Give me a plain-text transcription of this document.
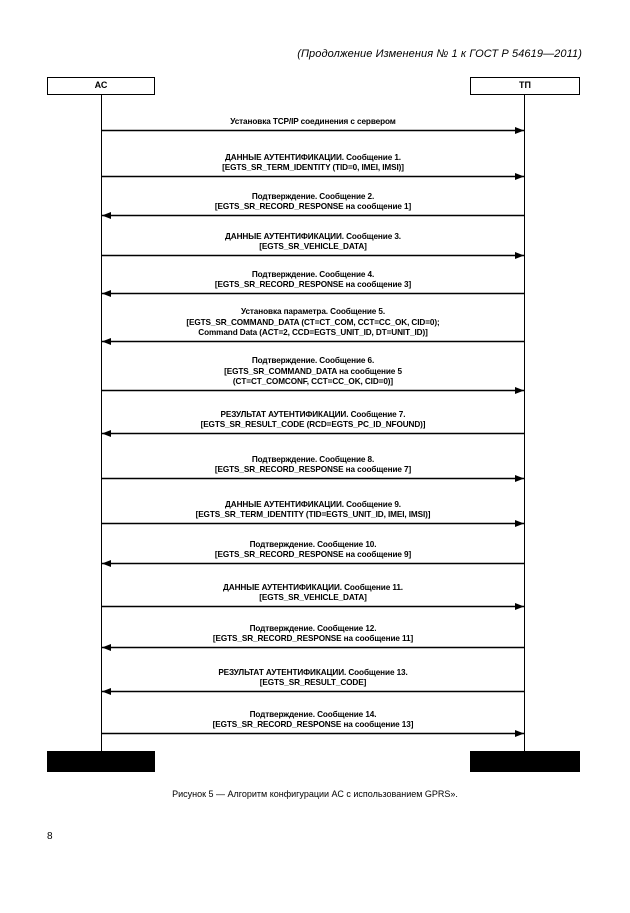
(Продолжение Изменения № 1 к ГОСТ Р 54619—2011)
АС	ТП
Установка TCP/IP соединения с сервером
ДАННЫЕ АУТЕНТИФИКАЦИИ. Сообщение 1.
[EGTS_SR_TERM_IDENTITY (TID=0, IMEI, IMSI)]
Подтверждение. Сообщение 2.
[EGTS_SR_RECORD_RESPONSE на сообщение 1]
ДАННЫЕ АУТЕНТИФИКАЦИИ. Сообщение 3.
[EGTS_SR_VEHICLE_DATA]
Подтверждение. Сообщение 4.
[EGTS_SR_RECORD_RESPONSE на сообщение 3]
Установка параметра. Сообщение 5.
[EGTS_SR_COMMAND_DATA (CT=CT_COM, CCT=CC_OK, CID=0);
Command Data (ACT=2, CCD=EGTS_UNIT_ID, DT=UNIT_ID)]
Подтверждение. Сообщение 6.
[EGTS_SR_COMMAND_DATA на сообщение 5
(CT=CT_COMCONF, CCT=CC_OK, CID=0)]
РЕЗУЛЬТАТ АУТЕНТИФИКАЦИИ. Сообщение 7.
[EGTS_SR_RESULT_CODE (RCD=EGTS_PC_ID_NFOUND)]
Подтверждение. Сообщение 8.
[EGTS_SR_RECORD_RESPONSE на сообщение 7]
ДАННЫЕ АУТЕНТИФИКАЦИИ. Сообщение 9.
[EGTS_SR_TERM_IDENTITY (TID=EGTS_UNIT_ID, IMEI, IMSI)]
Подтверждение. Сообщение 10.
[EGTS_SR_RECORD_RESPONSE на сообщение 9]
ДАННЫЕ АУТЕНТИФИКАЦИИ. Сообщение 11.
[EGTS_SR_VEHICLE_DATA]
Подтверждение. Сообщение 12.
[EGTS_SR_RECORD_RESPONSE на сообщение 11]
РЕЗУЛЬТАТ АУТЕНТИФИКАЦИИ. Сообщение 13.
[EGTS_SR_RESULT_CODE]
Подтверждение. Сообщение 14.
[EGTS_SR_RECORD_RESPONSE на сообщение 13]
Рисунок 5 — Алгоритм конфигурации АС с использованием GPRS».
8
